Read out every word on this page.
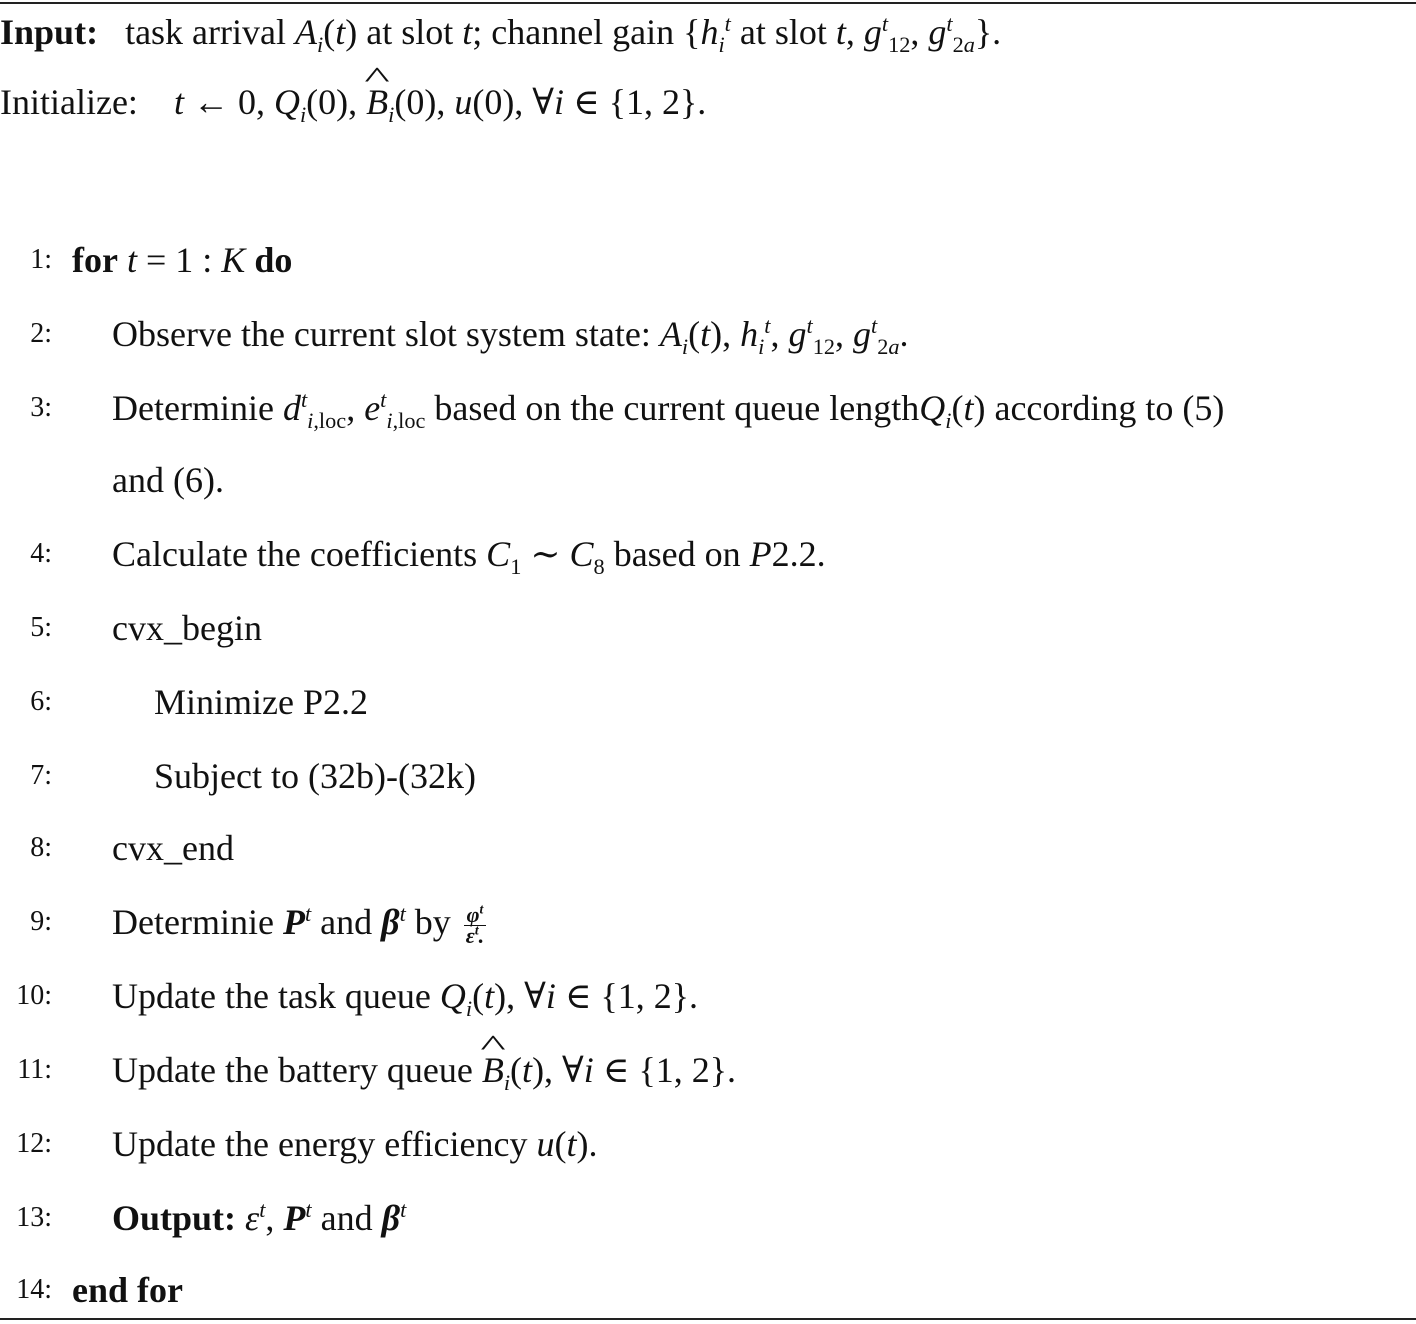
Input: task arrival $A_i(t)$ at slot t; channel gain {$h_i^t$ at slot t, $g^t_{12}$, $g^t_{2a}$}.
Initialize: t ← 0, $Q_i(0)$, ^ $B_i(0)$, u(0), ∀i ∈ {1, 2}.
1: for t = 1 : K do
2: Observe the current slot system state: $A_i(t)$, $h_i^t$, $g^t_{12}$, $g^t_{2a}$.
3: Determinie $d^t_{i,loc}$, $e^t_{i,loc}$ based on the current queue lengthQ$_i$(t) according to (5)
and (6).
4: Calculate the coefficients $C_1$ ∼ $C_8$ based on P2.2.
5: cvx_begin
6:	Minimize P2.2
7:	Subject to (32b)-(32k)
8: cvx_end
9: Determinie $P^t$ and $\beta^t$ by $\frac{\varphi^t}{\varepsilon^t.}$
10: Update the task queue $Q_i(t)$, ∀i ∈ {1, 2}.
11: Update the battery queue ^ $B_i(t)$, ∀i ∈ {1, 2}.
12: Update the energy efficiency u(t).
13: Output: $\varepsilon^t$, $P^t$ and $\beta^t$
14: end for
